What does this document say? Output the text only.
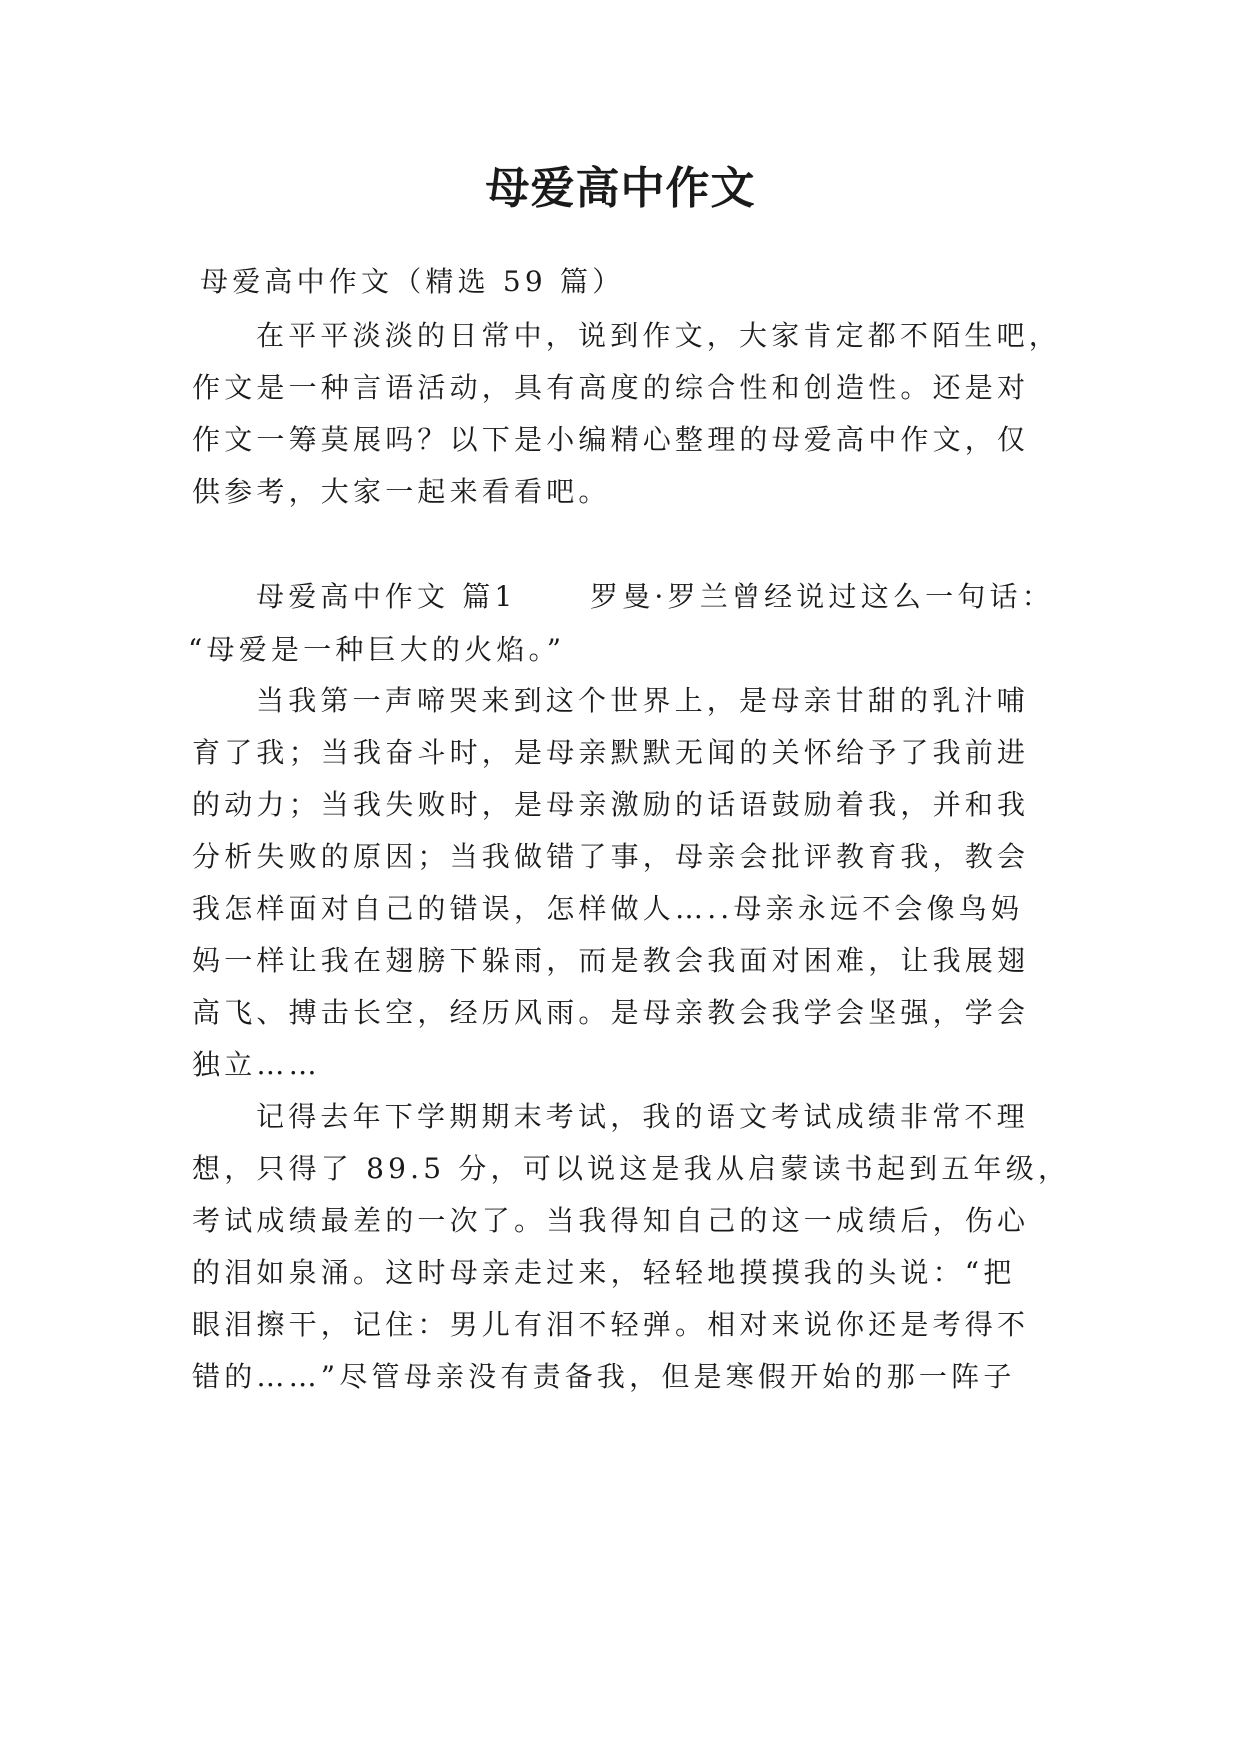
母爱高中作文
母爱高中作文（精选 59 篇）
在平平淡淡的日常中，说到作文，大家肯定都不陌生吧，
作文是一种言语活动，具有高度的综合性和创造性。还是对
作文一筹莫展吗？以下是小编精心整理的母爱高中作文，仅
供参考，大家一起来看看吧。
母爱高中作文 篇1	罗曼·罗兰曾经说过这么一句话：
“母爱是一种巨大的火焰。”
当我第一声啼哭来到这个世界上，是母亲甘甜的乳汁哺
育了我；当我奋斗时，是母亲默默无闻的关怀给予了我前进
的动力；当我失败时，是母亲激励的话语鼓励着我，并和我
分析失败的原因；当我做错了事，母亲会批评教育我，教会
我怎样面对自己的错误，怎样做人…..母亲永远不会像鸟妈
妈一样让我在翅膀下躲雨，而是教会我面对困难，让我展翅
高飞、搏击长空，经历风雨。是母亲教会我学会坚强，学会
独立……
记得去年下学期期末考试，我的语文考试成绩非常不理
想，只得了 89.5 分，可以说这是我从启蒙读书起到五年级，
考试成绩最差的一次了。当我得知自己的这一成绩后，伤心
的泪如泉涌。这时母亲走过来，轻轻地摸摸我的头说：“把
眼泪擦干，记住：男儿有泪不轻弹。相对来说你还是考得不
错的……”尽管母亲没有责备我，但是寒假开始的那一阵子
